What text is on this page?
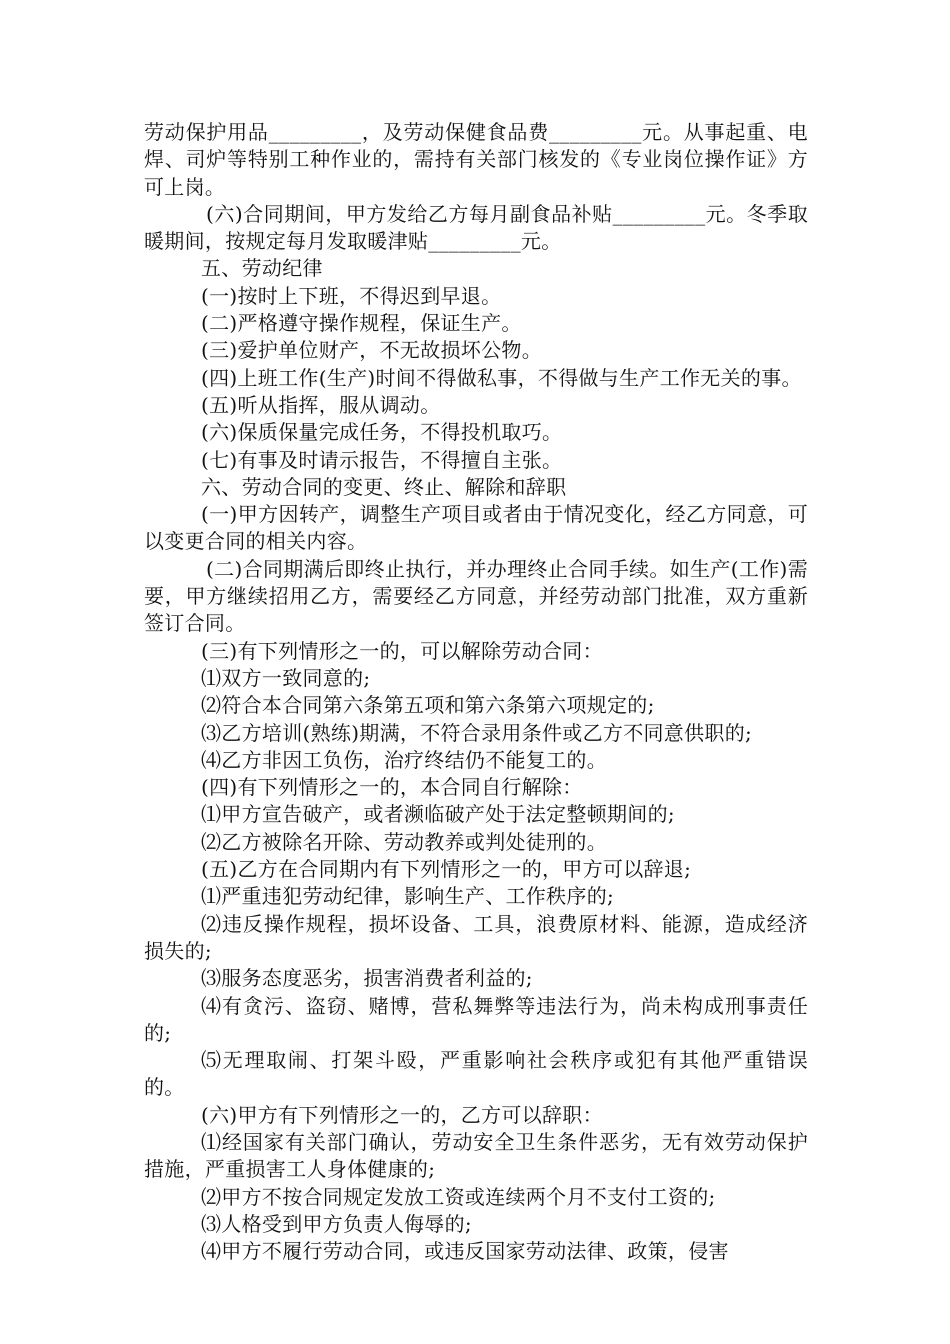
劳动保护用品_________，及劳动保健食品费_________元。从事起重、电焊、司炉等特别工种作业的，需持有关部门核发的《专业岗位操作证》方可上岗。

(六)合同期间，甲方发给乙方每月副食品补贴_________元。冬季取暖期间，按规定每月发取暖津贴_________元。

五、劳动纪律

(一)按时上下班，不得迟到早退。

(二)严格遵守操作规程，保证生产。

(三)爱护单位财产，不无故损坏公物。

(四)上班工作(生产)时间不得做私事，不得做与生产工作无关的事。

(五)听从指挥，服从调动。

(六)保质保量完成任务，不得投机取巧。

(七)有事及时请示报告，不得擅自主张。

六、劳动合同的变更、终止、解除和辞职

(一)甲方因转产，调整生产项目或者由于情况变化，经乙方同意，可以变更合同的相关内容。

(二)合同期满后即终止执行，并办理终止合同手续。如生产(工作)需要，甲方继续招用乙方，需要经乙方同意，并经劳动部门批准，双方重新签订合同。

(三)有下列情形之一的，可以解除劳动合同：

⑴双方一致同意的;

⑵符合本合同第六条第五项和第六条第六项规定的;

⑶乙方培训(熟练)期满，不符合录用条件或乙方不同意供职的;

⑷乙方非因工负伤，治疗终结仍不能复工的。

(四)有下列情形之一的，本合同自行解除：

⑴甲方宣告破产，或者濒临破产处于法定整顿期间的;

⑵乙方被除名开除、劳动教养或判处徒刑的。

(五)乙方在合同期内有下列情形之一的，甲方可以辞退;

⑴严重违犯劳动纪律，影响生产、工作秩序的;

⑵违反操作规程，损坏设备、工具，浪费原材料、能源，造成经济损失的;

⑶服务态度恶劣，损害消费者利益的;

⑷有贪污、盗窃、赌博，营私舞弊等违法行为，尚未构成刑事责任的;

⑸无理取闹、打架斗殴，严重影响社会秩序或犯有其他严重错误的。

(六)甲方有下列情形之一的，乙方可以辞职：

⑴经国家有关部门确认，劳动安全卫生条件恶劣，无有效劳动保护措施，严重损害工人身体健康的;

⑵甲方不按合同规定发放工资或连续两个月不支付工资的;

⑶人格受到甲方负责人侮辱的;

⑷甲方不履行劳动合同，或违反国家劳动法律、政策，侵害
